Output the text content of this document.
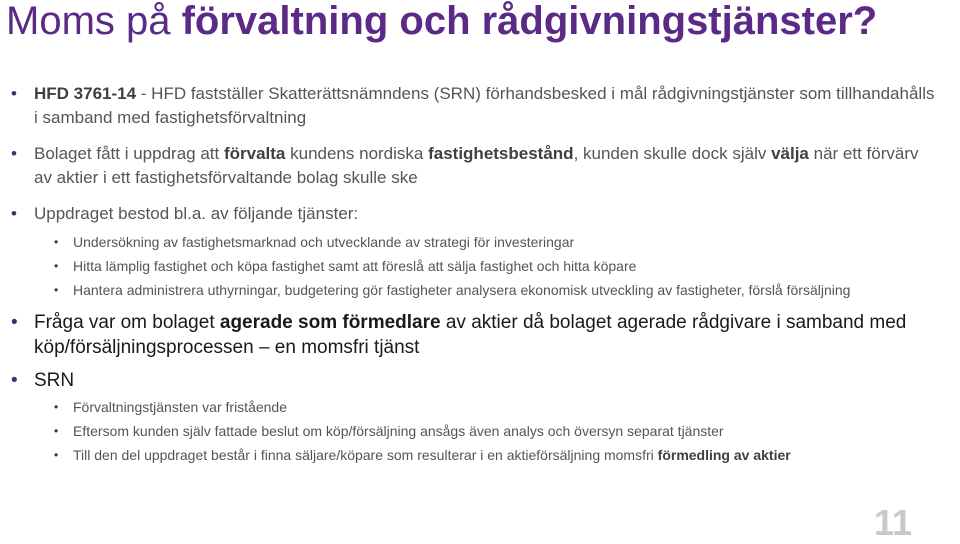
Moms på förvaltning och rådgivningstjänster?
• HFD 3761-14 - HFD fastställer Skatterättsnämndens (SRN) förhandsbesked i mål rådgivningstjänster som tillhandahålls i samband med fastighetsförvaltning
• Bolaget fått i uppdrag att förvalta kundens nordiska fastighetsbestånd, kunden skulle dock själv välja när ett förvärv av aktier i ett fastighetsförvaltande bolag skulle ske
• Uppdraget bestod bl.a. av följande tjänster:
• Undersökning av fastighetsmarknad och utvecklande av strategi för investeringar
• Hitta lämplig fastighet och köpa fastighet samt att föreslå att sälja fastighet och hitta köpare
• Hantera administrera uthyrningar, budgetering gör fastigheter analysera ekonomisk utveckling av fastigheter, förslå försäljning
• Fråga var om bolaget agerade som förmedlare av aktier då bolaget agerade rådgivare i samband med köp/försäljningsprocessen – en momsfri tjänst
• SRN
• Förvaltningstjänsten var fristående
• Eftersom kunden själv fattade beslut om köp/försäljning ansågs även analys och översyn separat tjänster
• Till den del uppdraget består i finna säljare/köpare som resulterar i en aktieförsäljning momsfri förmedling av aktier
11
